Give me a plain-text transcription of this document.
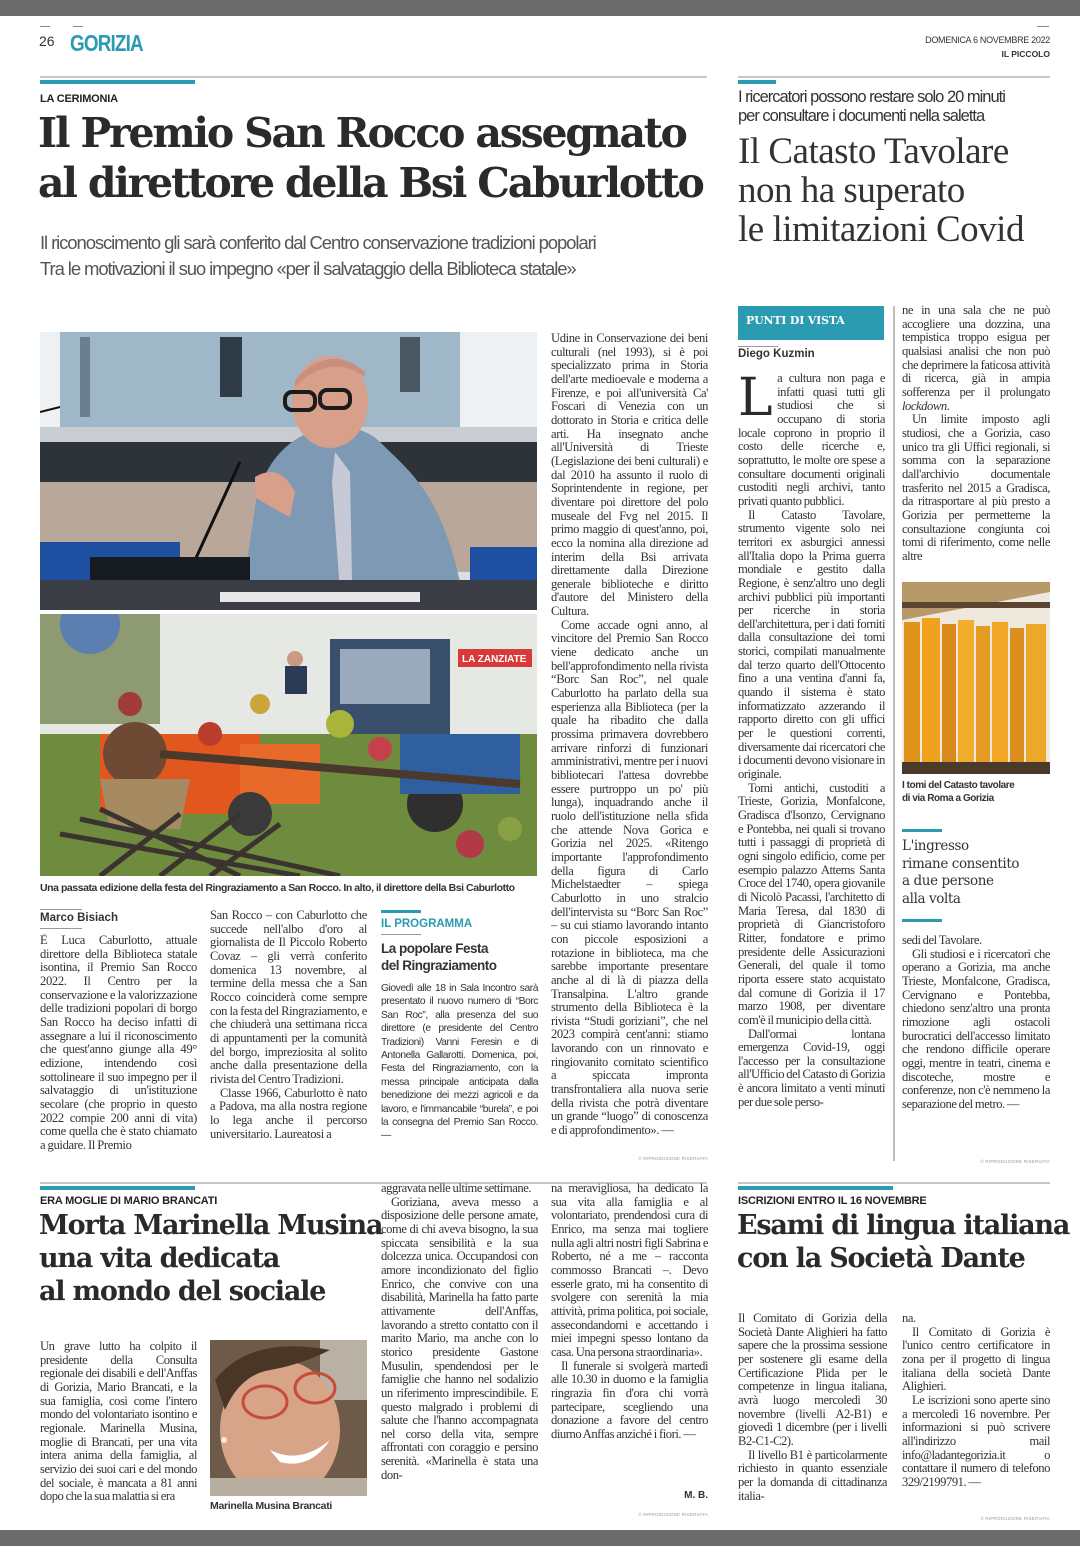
26 GORIZIA	DOMENICA 6 NOVEMBRE 2022
IL PICCOLO
LA CERIMONIA
Il Premio San Rocco assegnato
al direttore della Bsi Caburlotto
Il riconoscimento gli sarà conferito dal Centro conservazione tradizioni popolari
Tra le motivazioni il suo impegno «per il salvataggio della Biblioteca statale»
LA ZANZIATE
Una passata edizione della festa del Ringraziamento a San Rocco. In alto, il direttore della Bsi Caburlotto
Marco Bisiach

È Luca Caburlotto, attuale direttore della Biblioteca statale isontina, il Premio San Rocco 2022. Il Centro per la conservazione e la valorizzazione delle tradizioni popolari di borgo San Rocco ha deciso infatti di assegnare a lui il riconoscimento che quest'anno giunge alla 49° edizione, intendendo così sottolineare il suo impegno per il salvataggio di un'istituzione secolare (che proprio in questo 2022 compie 200 anni di vita) come quella che è stato chiamato a guidare. Il Premio

San Rocco – con Caburlotto che succede nell'albo d'oro al giornalista de Il Piccolo Roberto Covaz – gli verrà conferito domenica 13 novembre, al termine della messa che a San Rocco coinciderà come sempre con la festa del Ringraziamento, e che chiuderà una settimana ricca di appuntamenti per la comunità del borgo, impreziosita al solito anche dalla presentazione della rivista del Centro Tradizioni.

Classe 1966, Caburlotto è nato a Padova, ma alla nostra regione lo lega anche il percorso universitario. Laureatosi a

IL PROGRAMMA
La popolare Festa
del Ringraziamento
Giovedì alle 18 in Sala Incontro sarà presentato il nuovo numero di “Borc San Roc”, alla presenza del suo direttore (e presidente del Centro Tradizioni) Vanni Feresin e di Antonella Gallarotti. Domenica, poi, Festa del Ringraziamento, con la messa principale anticipata dalla benedizione dei mezzi agricoli e da lavoro, e l'immancabile “burela”, e poi la consegna del Premio San Rocco. —

Udine in Conservazione dei beni culturali (nel 1993), si è poi specializzato prima in Storia dell'arte medioevale e moderna a Firenze, e poi all'università Ca' Foscari di Venezia con un dottorato in Storia e critica delle arti. Ha insegnato anche all'Università di Trieste (Legislazione dei beni culturali) e dal 2010 ha assunto il ruolo di Soprintendente in regione, per diventare poi direttore del polo museale del Fvg nel 2015. Il primo maggio di quest'anno, poi, ecco la nomina alla direzione ad interim della Bsi arrivata direttamente dalla Direzione generale biblioteche e diritto d'autore del Ministero della Cultura.

Come accade ogni anno, al vincitore del Premio San Rocco viene dedicato anche un bell'approfondimento nella rivista “Borc San Roc”, nel quale Caburlotto ha parlato della sua esperienza alla Biblioteca (per la quale ha ribadito che dalla prossima primavera dovrebbero arrivare rinforzi di funzionari amministrativi, mentre per i nuovi bibliotecari l'attesa dovrebbe essere purtroppo un po' più lunga), inquadrando anche il ruolo dell'istituzione nella sfida che attende Nova Gorica e Gorizia nel 2025. «Ritengo importante l'approfondimento della figura di Carlo Michelstaedter – spiega Caburlotto in uno stralcio dell'intervista su “Borc San Roc” – su cui stiamo lavorando intanto con piccole esposizioni a rotazione in biblioteca, ma che sarebbe importante presentare anche al di là di piazza della Transalpina. L'altro grande strumento della Biblioteca è la rivista “Studi goriziani”, che nel 2023 compirà cent'anni: stiamo lavorando con un rinnovato e ringiovanito comitato scientifico a spiccata impronta transfrontaliera alla nuova serie della rivista che potrà diventare un grande “luogo” di conoscenza e di approfondimento». —

© RIPRODUZIONE RISERVATA
I ricercatori possono restare solo 20 minuti
per consultare i documenti nella saletta
Il Catasto Tavolare
non ha superato
le limitazioni Covid
PUNTI DI VISTA
Diego Kuzmin

La cultura non paga e infatti quasi tutti gli studiosi che si occupano di storia locale coprono in proprio il costo delle ricerche e, soprattutto, le molte ore spese a consultare documenti originali custoditi negli archivi, tanto privati quanto pubblici.

Il Catasto Tavolare, strumento vigente solo nei territori ex asburgici annessi all'Italia dopo la Prima guerra mondiale e gestito dalla Regione, è senz'altro uno degli archivi pubblici più importanti per ricerche in storia dell'architettura, per i dati forniti dalla consultazione dei tomi storici, compilati manualmente dal terzo quarto dell'Ottocento fino a una ventina d'anni fa, quando il sistema è stato informatizzato azzerando il rapporto diretto con gli uffici per le questioni correnti, diversamente dai ricercatori che i documenti devono visionare in originale.

Tomi antichi, custoditi a Trieste, Gorizia, Monfalcone, Gradisca d'Isonzo, Cervignano e Pontebba, nei quali si trovano tutti i passaggi di proprietà di ogni singolo edificio, come per esempio palazzo Attems Santa Croce del 1740, opera giovanile di Nicolò Pacassi, l'architetto di Maria Teresa, dal 1830 di proprietà di Giancristoforo Ritter, fondatore e primo presidente delle Assicurazioni Generali, del quale il tomo riporta essere stato acquistato dal comune di Gorizia il 17 marzo 1908, per diventare com'è il municipio della città.

Dall'ormai lontana emergenza Covid-19, oggi l'accesso per la consultazione all'Ufficio del Catasto di Gorizia è ancora limitato a venti minuti per due sole perso-

ne in una sala che ne può accogliere una dozzina, una tempistica troppo esigua per qualsiasi analisi che non può che deprimere la faticosa attività di ricerca, già in ampia sofferenza per il prolungato lockdown.

Un limite imposto agli studiosi, che a Gorizia, caso unico tra gli Uffici regionali, si somma con la separazione dall'archivio documentale trasferito nel 2015 a Gradisca, da ritrasportare al più presto a Gorizia per permetterne la consultazione congiunta coi tomi di riferimento, come nelle altre

I tomi del Catasto tavolare
di via Roma a Gorizia
L'ingresso
rimane consentito
a due persone
alla volta

sedi del Tavolare.

Gli studiosi e i ricercatori che operano a Gorizia, ma anche Trieste, Monfalcone, Gradisca, Cervignano e Pontebba, chiedono senz'altro una pronta rimozione agli ostacoli burocratici dell'accesso limitato che rendono difficile operare oggi, mentre in teatri, cinema e discoteche, mostre e conferenze, non c'è nemmeno la separazione del metro. —

© RIPRODUZIONE RISERVATA
ERA MOGLIE DI MARIO BRANCATI
Morta Marinella Musina
una vita dedicata
al mondo del sociale

Un grave lutto ha colpito il presidente della Consulta regionale dei disabili e dell'Anffas di Gorizia, Mario Brancati, e la sua famiglia, così come l'intero mondo del volontariato isontino e regionale. Marinella Musina, moglie di Brancati, per una vita intera anima della famiglia, al servizio dei suoi cari e del mondo del sociale, è mancata a 81 anni dopo che la sua malattia si era

Marinella Musina Brancati

aggravata nelle ultime settimane.

Goriziana, aveva messo a disposizione delle persone amate, come di chi aveva bisogno, la sua spiccata sensibilità e la sua dolcezza unica. Occupandosi con amore incondizionato del figlio Enrico, che convive con una disabilità, Marinella ha fatto parte attivamente dell'Anffas, lavorando a stretto contatto con il marito Mario, ma anche con lo storico presidente Gastone Musulin, spendendosi per le famiglie che hanno nel sodalizio un riferimento imprescindibile. E questo malgrado i problemi di salute che l'hanno accompagnata nel corso della vita, sempre affrontati con coraggio e persino serenità. «Marinella è stata una don-

na meravigliosa, ha dedicato la sua vita alla famiglia e al volontariato, prendendosi cura di Enrico, ma senza mai togliere nulla agli altri nostri figli Sabrina e Roberto, né a me – racconta commosso Brancati –. Devo esserle grato, mi ha consentito di svolgere con serenità la mia attività, prima politica, poi sociale, assecondandomi e accettando i miei impegni spesso lontano da casa. Una persona straordinaria».

Il funerale si svolgerà martedì alle 10.30 in duomo e la famiglia ringrazia fin d'ora chi vorrà partecipare, scegliendo una donazione a favore del centro diurno Anffas anziché i fiori. —

M. B.
© RIPRODUZIONE RISERVATA
ISCRIZIONI ENTRO IL 16 NOVEMBRE
Esami di lingua italiana
con la Società Dante

Il Comitato di Gorizia della Società Dante Alighieri ha fatto sapere che la prossima sessione per sostenere gli esame della Certificazione Plida per le competenze in lingua italiana, avrà luogo mercoledì 30 novembre (livelli A2-B1) e giovedì 1 dicembre (per i livelli B2-C1-C2).

Il livello B1 è particolarmente richiesto in quanto essenziale per la domanda di cittadinanza italia-

na.

Il Comitato di Gorizia è l'unico centro certificatore in zona per il progetto di lingua italiana della società Dante Alighieri.

Le iscrizioni sono aperte sino a mercoledì 16 novembre. Per informazioni si può scrivere all'indirizzo mail info@ladantegorizia.it o contattare il numero di telefono 329/2199791. —

© RIPRODUZIONE RISERVATA
